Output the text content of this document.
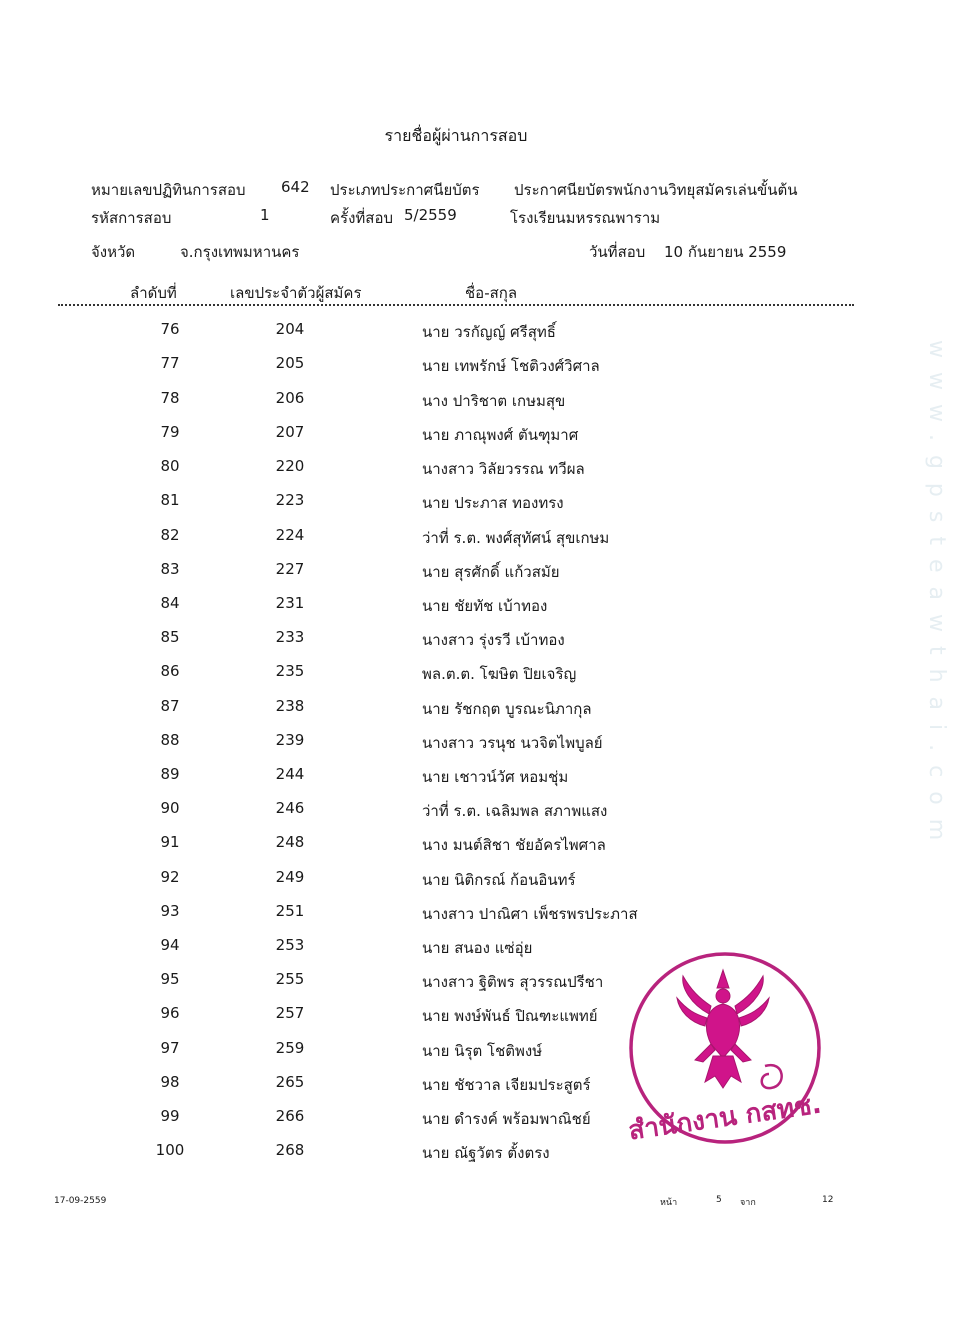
รายชื่อผู้ผ่านการสอบ
หมายเลขปฏิทินการสอบ 642 ประเภทประกาศนียบัตร ประกาศนียบัตรพนักงานวิทยุสมัครเล่นขั้นต้น
รหัสการสอบ	1	ครั้งที่สอบ 5/2559	โรงเรียนมหรรณพาราม
จังหวัด	จ.กรุงเทพมหานคร	วันที่สอบ 10 กันยายน 2559
ลำดับที่	เลขประจำตัวผู้สมัคร	ชื่อ-สกุล
76	204	นาย วรกัญญ์ ศรีสุทธิ์
77	205	นาย เทพรักษ์ โชติวงศ์วิศาล
78	206	นาง ปาริชาต เกษมสุข
79	207	นาย ภาณุพงศ์ ตันฑุมาศ
80	220	นางสาว วิลัยวรรณ ทวีผล
81	223	นาย ประภาส ทองทรง
82	224	ว่าที่ ร.ต. พงศ์สุทัศน์ สุขเกษม
83	227	นาย สุรศักดิ์ แก้วสมัย
84	231	นาย ชัยทัช เบ้าทอง
85	233	นางสาว รุ่งรวี เบ้าทอง
86	235	พล.ต.ต. โฆษิต ปิยเจริญ
87	238	นาย รัชกฤต บูรณะนิภากุล
88	239	นางสาว วรนุช นวจิตไพบูลย์
89	244	นาย เชาวน์วัศ หอมชุ่ม
90	246	ว่าที่ ร.ต. เฉลิมพล สภาพแสง
91	248	นาง มนต์สิชา ชัยอัครไพศาล
92	249	นาย นิติกรณ์ ก้อนอินทร์
93	251	นางสาว ปาณิศา เพ็ชรพรประภาส
94	253	นาย สนอง แซ่อุ่ย
95	255	นางสาว ฐิติพร สุวรรณปรีชา
96	257	นาย พงษ์พันธ์ ปิณฑะแพทย์
97	259	นาย นิรุต โชติพงษ์
98	265	นาย ชัชวาล เจียมประสูตร์
99	266	นาย ดำรงค์ พร้อมพาณิชย์
100	268	นาย ณัฐวัตร ตั้งตรง
สำนักงาน กสทช.
www.gpsteawthai.com
17-09-2559	หน้า	5 จาก	12
